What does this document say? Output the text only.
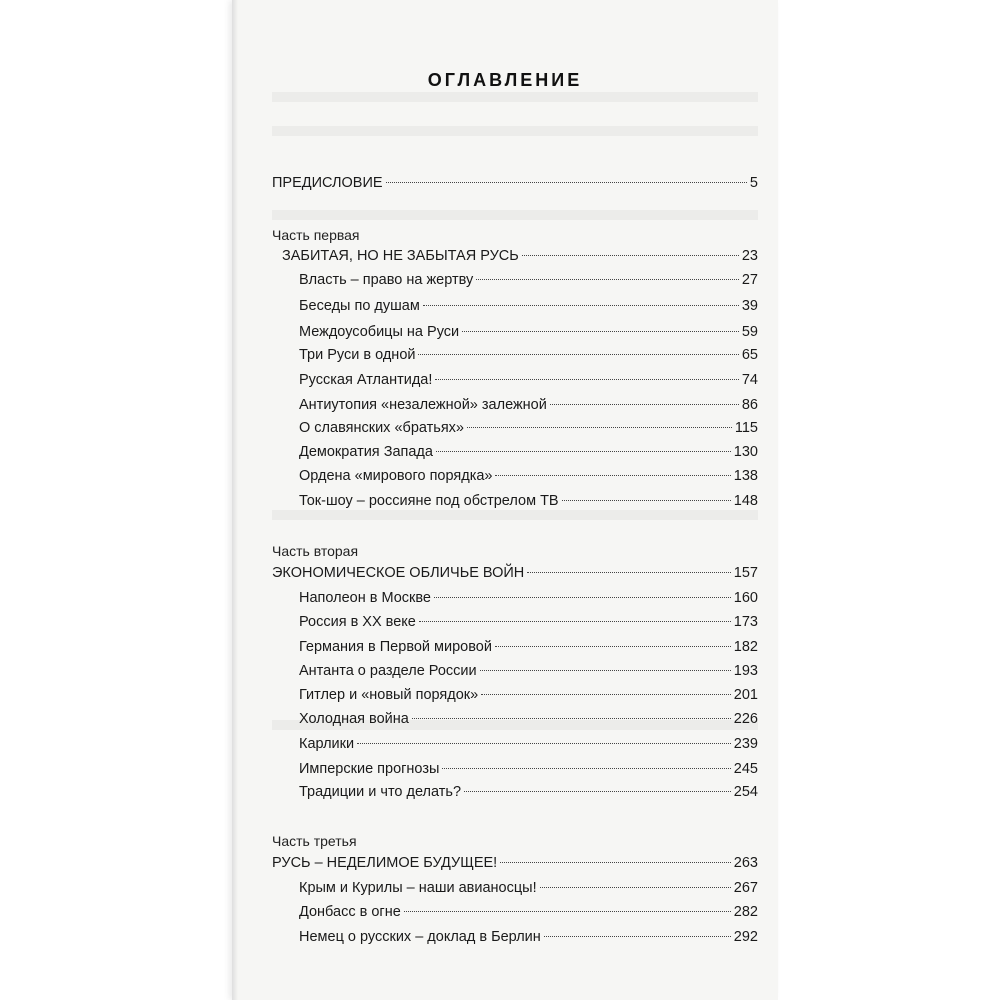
ОГЛАВЛЕНИЕ
ПРЕДИСЛОВИЕ	5
Часть первая
ЗАБИТАЯ, НО НЕ ЗАБЫТАЯ РУСЬ	23
Власть – право на жертву	27
Беседы по душам	39
Междоусобицы на Руси	59
Три Руси в одной	65
Русская Атлантида!	74
Антиутопия «незалежной» залежной	86
О славянских «братьях»	115
Демократия Запада	130
Ордена «мирового порядка»	138
Ток-шоу – россияне под обстрелом ТВ	148
Часть вторая
ЭКОНОМИЧЕСКОЕ ОБЛИЧЬЕ ВОЙН	157
Наполеон в Москве	160
Россия в XX веке	173
Германия в Первой мировой	182
Антанта о разделе России	193
Гитлер и «новый порядок»	201
Холодная война	226
Карлики	239
Имперские прогнозы	245
Традиции и что делать?	254
Часть третья
РУСЬ – НЕДЕЛИМОЕ БУДУЩЕЕ!	263
Крым и Курилы – наши авианосцы!	267
Донбасс в огне	282
Немец о русских – доклад в Берлин	292
